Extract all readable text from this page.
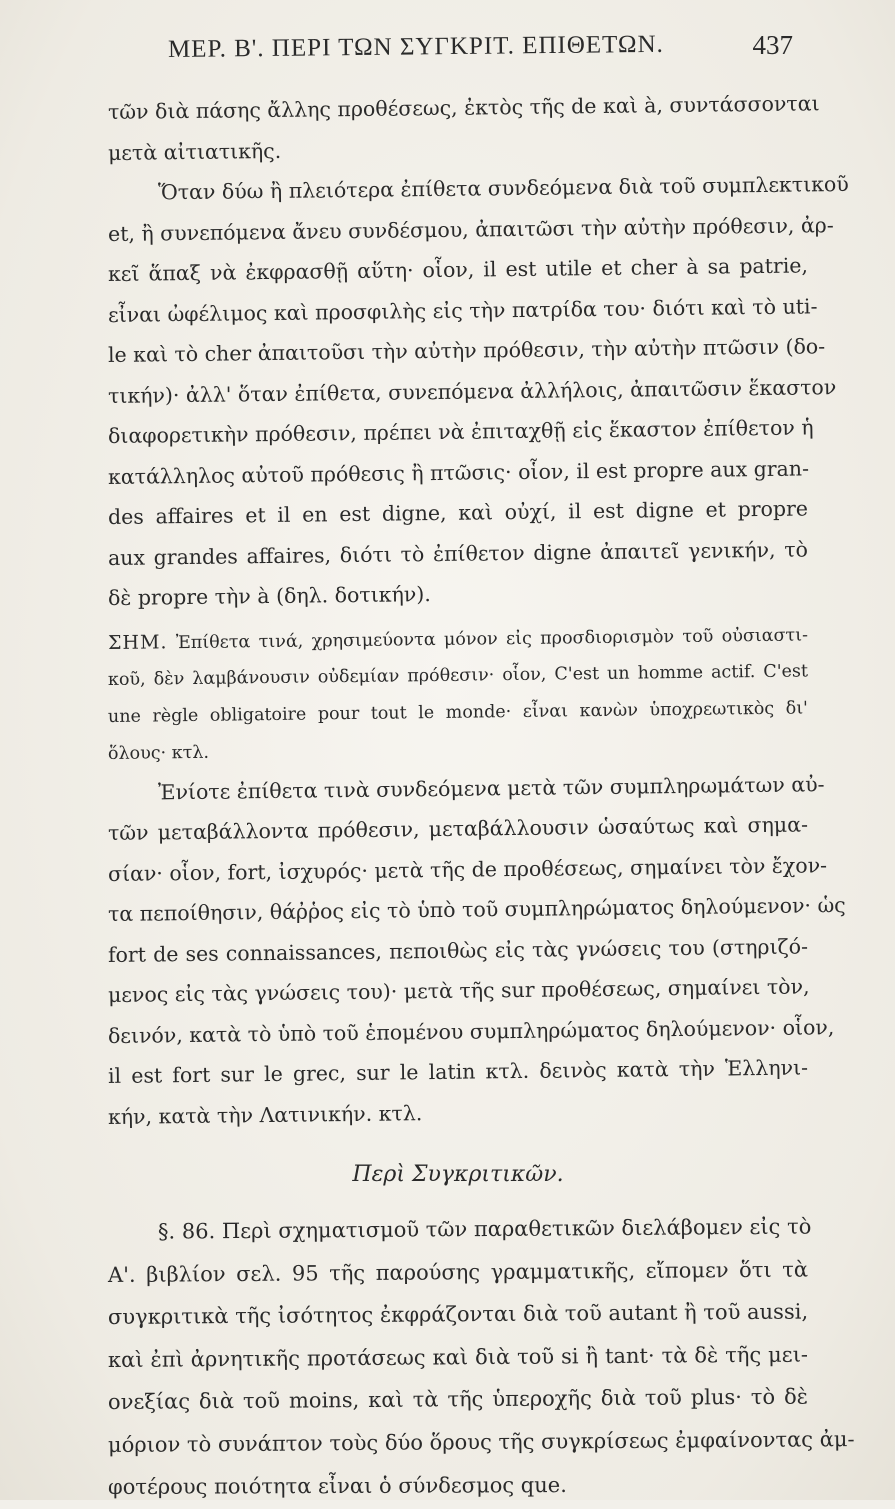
ΜΕΡ. Β'. ΠΕΡΙ ΤΩΝ ΣΥΓΚΡΙΤ. ΕΠΙΘΕΤΩΝ.	437
τῶν διὰ πάσης ἄλλης προθέσεως, ἐκτὸς τῆς de καὶ à, συντάσσονται
μετὰ αἰτιατικῆς.
Ὅταν δύω ἢ πλειότερα ἐπίθετα συνδεόμενα διὰ τοῦ συμπλεκτικοῦ
et, ἢ συνεπόμενα ἄνευ συνδέσμου, ἀπαιτῶσι τὴν αὐτὴν πρόθεσιν, ἀρ-
κεῖ ἅπαξ νὰ ἐκφρασθῇ αὕτη· οἷον, il est utile et cher à sa patrie,
εἶναι ὠφέλιμος καὶ προσφιλὴς εἰς τὴν πατρίδα του· διότι καὶ τὸ uti-
le καὶ τὸ cher ἀπαιτοῦσι τὴν αὐτὴν πρόθεσιν, τὴν αὐτὴν πτῶσιν (δο-
τικήν)· ἀλλ' ὅταν ἐπίθετα, συνεπόμενα ἀλλήλοις, ἀπαιτῶσιν ἕκαστον
διαφορετικὴν πρόθεσιν, πρέπει νὰ ἐπιταχθῇ εἰς ἕκαστον ἐπίθετον ἡ
κατάλληλος αὐτοῦ πρόθεσις ἢ πτῶσις· οἷον, il est propre aux gran-
des affaires et il en est digne, καὶ οὐχί, il est digne et propre
aux grandes affaires, διότι τὸ ἐπίθετον digne ἀπαιτεῖ γενικήν, τὸ
δὲ propre τὴν à (δηλ. δοτικήν).
ΣΗΜ. Ἐπίθετα τινά, χρησιμεύοντα μόνον εἰς προσδιορισμὸν τοῦ οὐσιαστι-
κοῦ, δὲν λαμβάνουσιν οὐδεμίαν πρόθεσιν· οἷον, C'est un homme actif. C'est
une règle obligatoire pour tout le monde· εἶναι κανὼν ὑποχρεωτικὸς δι'
ὅλους· κτλ.
Ἐνίοτε ἐπίθετα τινὰ συνδεόμενα μετὰ τῶν συμπληρωμάτων αὐ-
τῶν μεταβάλλοντα πρόθεσιν, μεταβάλλουσιν ὡσαύτως καὶ σημα-
σίαν· οἷον, fort, ἰσχυρός· μετὰ τῆς de προθέσεως, σημαίνει τὸν ἔχον-
τα πεποίθησιν, θάῤῥος εἰς τὸ ὑπὸ τοῦ συμπληρώματος δηλούμενον· ὡς
fort de ses connaissances, πεποιθὼς εἰς τὰς γνώσεις του (στηριζό-
μενος εἰς τὰς γνώσεις του)· μετὰ τῆς sur προθέσεως, σημαίνει τὸν,
δεινόν, κατὰ τὸ ὑπὸ τοῦ ἑπομένου συμπληρώματος δηλούμενον· οἷον,
il est fort sur le grec, sur le latin κτλ. δεινὸς κατὰ τὴν Ἑλληνι-
κήν, κατὰ τὴν Λατινικήν. κτλ.
Περὶ Συγκριτικῶν.
§. 86. Περὶ σχηματισμοῦ τῶν παραθετικῶν διελάβομεν εἰς τὸ
Α'. βιβλίον σελ. 95 τῆς παρούσης γραμματικῆς, εἴπομεν ὅτι τὰ
συγκριτικὰ τῆς ἰσότητος ἐκφράζονται διὰ τοῦ autant ἢ τοῦ aussi,
καὶ ἐπὶ ἀρνητικῆς προτάσεως καὶ διὰ τοῦ si ἢ tant· τὰ δὲ τῆς μει-
ονεξίας διὰ τοῦ moins, καὶ τὰ τῆς ὑπεροχῆς διὰ τοῦ plus· τὸ δὲ
μόριον τὸ συνάπτον τοὺς δύο ὅρους τῆς συγκρίσεως ἐμφαίνοντας ἀμ-
φοτέρους ποιότητα εἶναι ὁ σύνδεσμος que.
